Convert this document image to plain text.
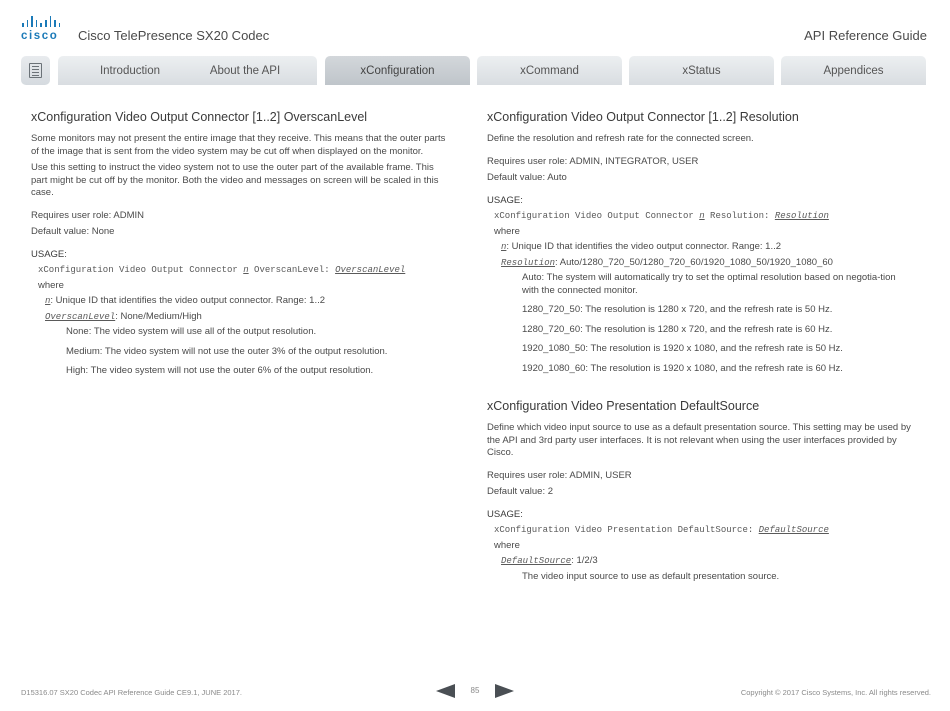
cisco	Cisco TelePresence SX20 Codec	API Reference Guide
Introduction	About the API	xConfiguration	xCommand	xStatus	Appendices
xConfiguration Video Output Connector [1..2] OverscanLevel

Some monitors may not present the entire image that they receive. This means that the outer parts of the image that is sent from the video system may be cut off when displayed on the monitor.

Use this setting to instruct the video system not to use the outer part of the available frame. This part might be cut off by the monitor. Both the video and messages on screen will be scaled in this case.

Requires user role: ADMIN

Default value: None

USAGE:
xConfiguration Video Output Connector n OverscanLevel: OverscanLevel
where
n: Unique ID that identifies the video output connector. Range: 1..2
OverscanLevel: None/Medium/High
None: The video system will use all of the output resolution.
Medium: The video system will not use the outer 3% of the output resolution.
High: The video system will not use the outer 6% of the output resolution.
xConfiguration Video Output Connector [1..2] Resolution

Define the resolution and refresh rate for the connected screen.

Requires user role: ADMIN, INTEGRATOR, USER

Default value: Auto

USAGE:
xConfiguration Video Output Connector n Resolution: Resolution
where
n: Unique ID that identifies the video output connector. Range: 1..2
Resolution: Auto/1280_720_50/1280_720_60/1920_1080_50/1920_1080_60
Auto: The system will automatically try to set the optimal resolution based on negotia-tion with the connected monitor.
1280_720_50: The resolution is 1280 x 720, and the refresh rate is 50 Hz.
1280_720_60: The resolution is 1280 x 720, and the refresh rate is 60 Hz.
1920_1080_50: The resolution is 1920 x 1080, and the refresh rate is 50 Hz.
1920_1080_60: The resolution is 1920 x 1080, and the refresh rate is 60 Hz.
xConfiguration Video Presentation DefaultSource

Define which video input source to use as a default presentation source. This setting may be used by the API and 3rd party user interfaces. It is not relevant when using the user interfaces provided by Cisco.

Requires user role: ADMIN, USER

Default value: 2

USAGE:
xConfiguration Video Presentation DefaultSource: DefaultSource
where
DefaultSource: 1/2/3
The video input source to use as default presentation source.
D15316.07 SX20 Codec API Reference Guide CE9.1, JUNE 2017.	85	Copyright © 2017 Cisco Systems, Inc. All rights reserved.
